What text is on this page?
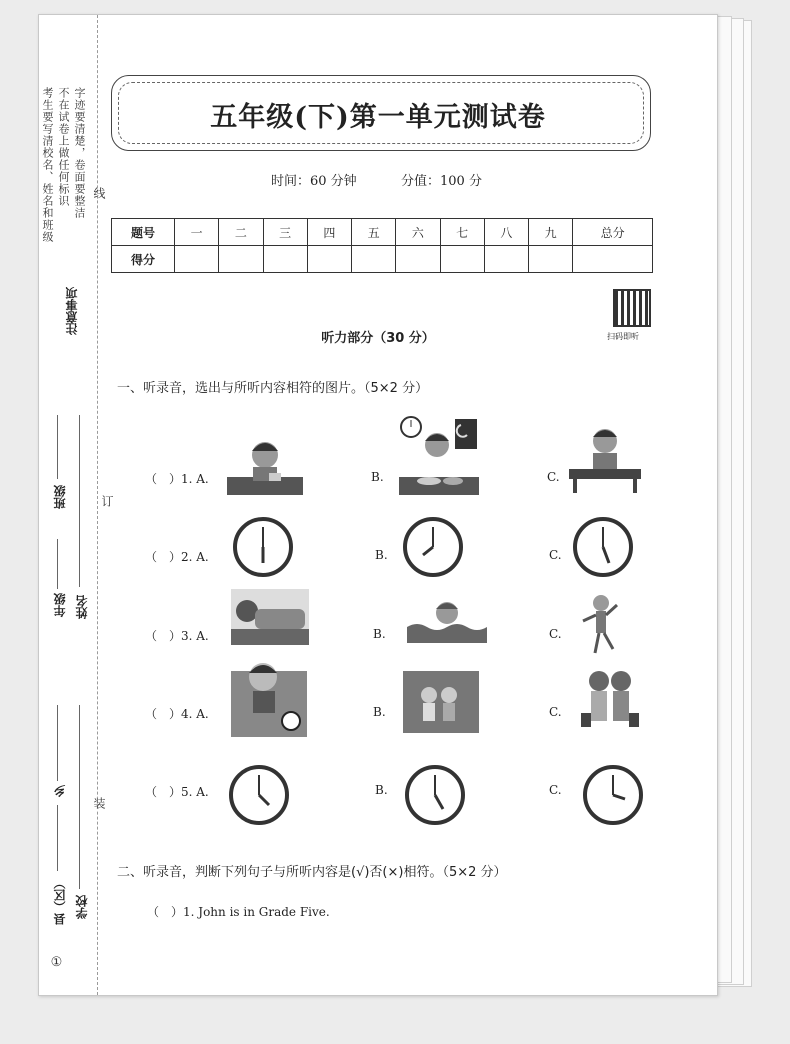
考生要写清校名、姓名和班级 不在试卷上做任何标识 字迹要清楚，卷面要整洁
注意事项
线
订
装
班级
年级 姓名
乡
县（区） 学校
①
五年级(下)第一单元测试卷
时间：60 分钟	分值：100 分
题号	一	二	三	四	五	六	七	八	九	总分
得分										
扫码即听
听力部分（30 分）
一、听录音，选出与所听内容相符的图片。（5×2 分）
（　）1. A.	B.	C.
（　）2. A.	B.	C.
（　）3. A.	B.	C.
（　）4. A.	B.	C.
（　）5. A.	B.	C.
二、听录音，判断下列句子与所听内容是(√)否(×)相符。（5×2 分）
（　）1. John is in Grade Five.
